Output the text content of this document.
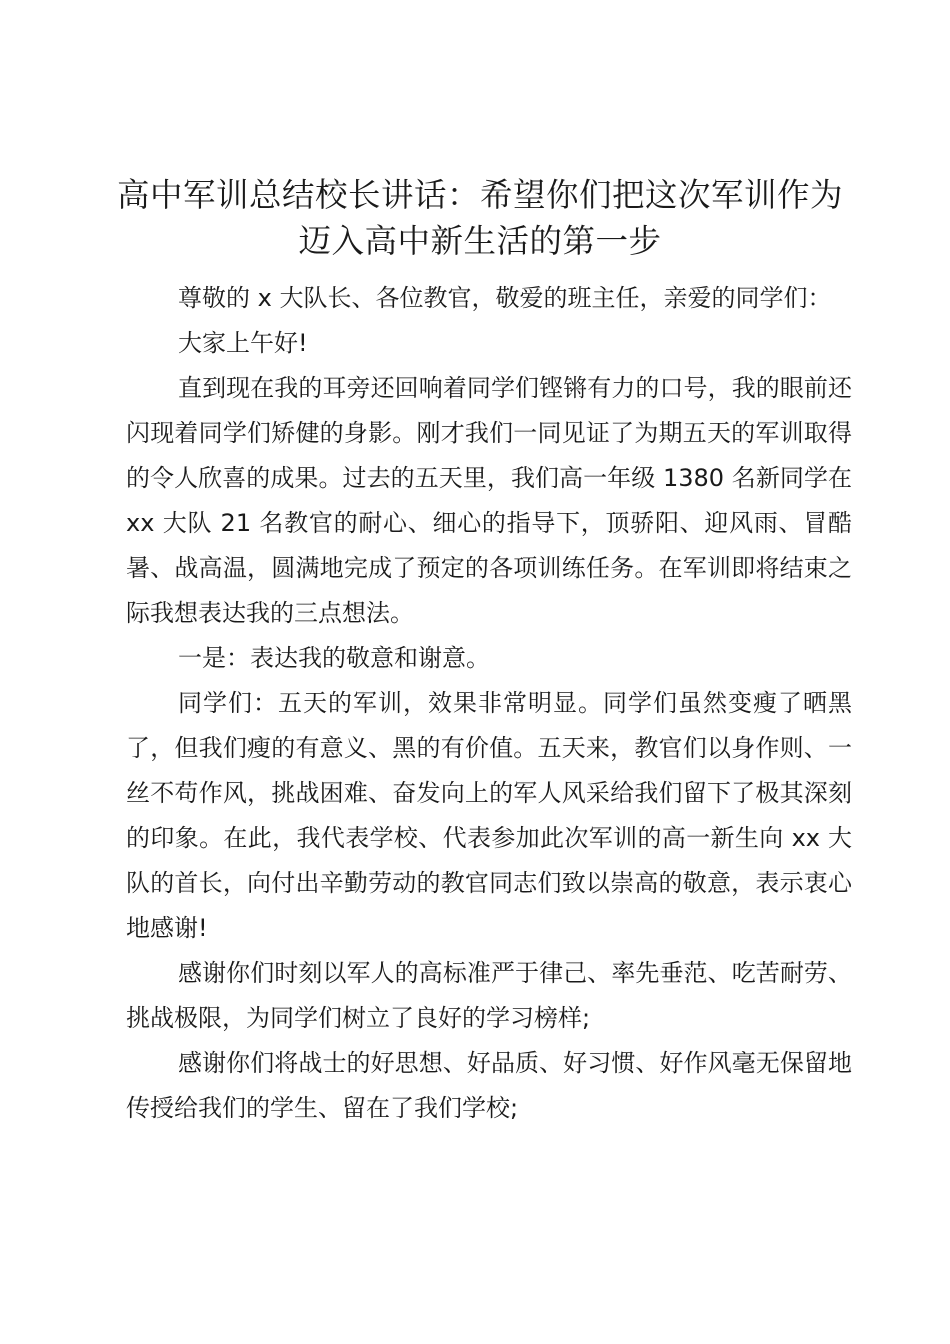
高中军训总结校长讲话：希望你们把这次军训作为迈入高中新生活的第一步

尊敬的 x 大队长、各位教官，敬爱的班主任，亲爱的同学们：

大家上午好!

直到现在我的耳旁还回响着同学们铿锵有力的口号，我的眼前还闪现着同学们矫健的身影。刚才我们一同见证了为期五天的军训取得的令人欣喜的成果。过去的五天里，我们高一年级 1380 名新同学在 xx 大队 21 名教官的耐心、细心的指导下，顶骄阳、迎风雨、冒酷暑、战高温，圆满地完成了预定的各项训练任务。在军训即将结束之际我想表达我的三点想法。

一是：表达我的敬意和谢意。

同学们：五天的军训，效果非常明显。同学们虽然变瘦了晒黑了，但我们瘦的有意义、黑的有价值。五天来，教官们以身作则、一丝不苟作风，挑战困难、奋发向上的军人风采给我们留下了极其深刻的印象。在此，我代表学校、代表参加此次军训的高一新生向 xx 大队的首长，向付出辛勤劳动的教官同志们致以崇高的敬意，表示衷心地感谢!

感谢你们时刻以军人的高标准严于律己、率先垂范、吃苦耐劳、挑战极限，为同学们树立了良好的学习榜样;

感谢你们将战士的好思想、好品质、好习惯、好作风毫无保留地传授给我们的学生、留在了我们学校;
